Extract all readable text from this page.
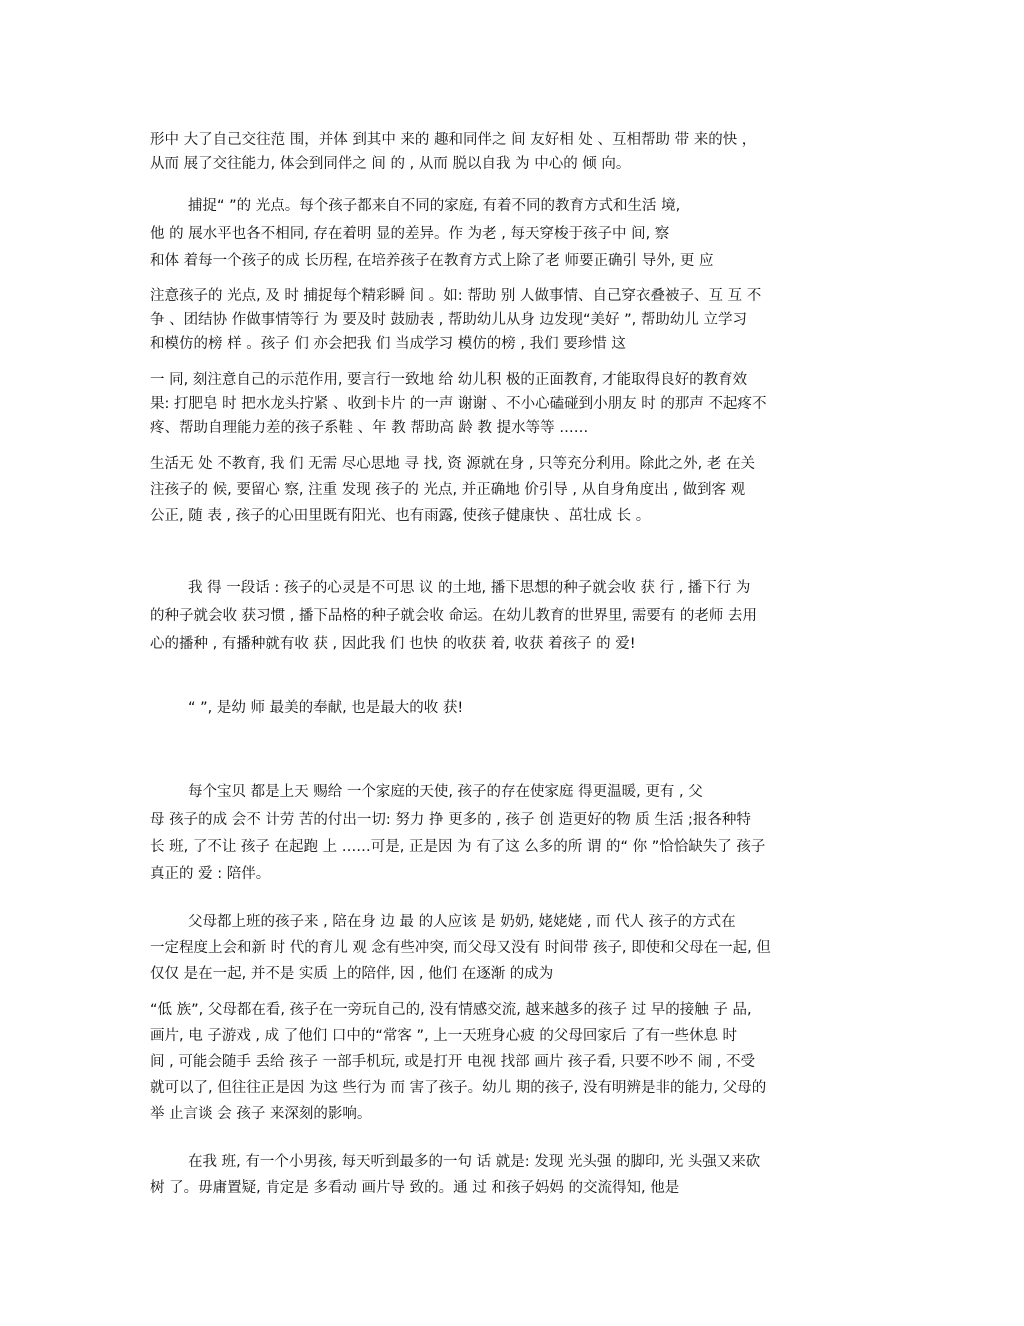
形中 大了自己交往范 围，并体 到其中 来的 趣和同伴之 间 友好相 处 、互相帮助 带 来的快 ，
从而 展了交往能力, 体会到同伴之 间 的 , 从而 脱以自我 为 中心的 倾 向。
捕捉“ ”的 光点。每个孩子都来自不同的家庭, 有着不同的教育方式和生活 境,
他 的 展水平也各不相同, 存在着明 显的差异。作 为老 , 每天穿梭于孩子中 间, 察
和体 着每一个孩子的成 长历程, 在培养孩子在教育方式上除了老 师要正确引 导外, 更 应
注意孩子的 光点, 及 时 捕捉每个精彩瞬 间 。如: 帮助 别 人做事情、自己穿衣叠被子、互 互 不
争 、团结协 作做事情等行 为 要及时 鼓励表 , 帮助幼儿从身 边发现“美好 ”, 帮助幼儿 立学习
和模仿的榜 样 。孩子 们 亦会把我 们 当成学习 模仿的榜 , 我们 要珍惜 这
一 同, 刻注意自己的示范作用, 要言行一致地 给 幼儿积 极的正面教育, 才能取得良好的教育效
果: 打肥皂 时 把水龙头拧紧 、收到卡片 的一声 谢谢 、不小心磕碰到小朋友 时 的那声 不起疼不
疼、帮助自理能力差的孩子系鞋 、年 教 帮助高 龄 教 提水等等 ……
生活无 处 不教育, 我 们 无需 尽心思地 寻 找, 资 源就在身 , 只等充分利用。除此之外, 老 在关
注孩子的 候, 要留心 察, 注重 发现 孩子的 光点, 并正确地 价引导 , 从自身角度出 , 做到客 观
公正, 随 表 , 孩子的心田里既有阳光、也有雨露, 使孩子健康快 、茁壮成 长 。
我 得 一段话 : 孩子的心灵是不可思 议 的土地, 播下思想的种子就会收 获 行 , 播下行 为
的种子就会收 获习惯 , 播下品格的种子就会收 命运。在幼儿教育的世界里, 需要有 的老师 去用
心的播种 , 有播种就有收 获 , 因此我 们 也快 的收获 着, 收获 着孩子 的 爱!
“ ”, 是幼 师 最美的奉献, 也是最大的收 获!
每个宝贝 都是上天 赐给 一个家庭的天使, 孩子的存在使家庭 得更温暖, 更有 , 父
母 孩子的成 会不 计劳 苦的付出一切: 努力 挣 更多的 , 孩子 创 造更好的物 质 生活 ;报各种特
长 班, 了不让 孩子 在起跑 上 ……可是, 正是因 为 有了这 么多的所 谓 的“ 你 ”恰恰缺失了 孩子
真正的 爱 : 陪伴。
父母都上班的孩子来 , 陪在身 边 最 的人应该 是 奶奶, 姥姥姥 , 而 代人 孩子的方式在
一定程度上会和新 时 代的育儿 观 念有些冲突, 而父母又没有 时间带 孩子, 即使和父母在一起, 但
仅仅 是在一起, 并不是 实质 上的陪伴, 因 , 他们 在逐渐 的成为
“低 族”, 父母都在看, 孩子在一旁玩自己的, 没有情感交流, 越来越多的孩子 过 早的接触 子 品,
画片, 电 子游戏 , 成 了他们 口中的“常客 ”, 上一天班身心疲 的父母回家后 了有一些休息 时
间 , 可能会随手 丢给 孩子 一部手机玩, 或是打开 电视 找部 画片 孩子看, 只要不吵不 闹 , 不受
就可以了, 但往往正是因 为这 些行为 而 害了孩子。幼儿 期的孩子, 没有明辨是非的能力, 父母的
举 止言谈 会 孩子 来深刻的影响。
在我 班, 有一个小男孩, 每天听到最多的一句 话 就是: 发现 光头强 的脚印, 光 头强又来砍
树 了。毋庸置疑, 肯定是 多看动 画片导 致的。通 过 和孩子妈妈 的交流得知, 他是
